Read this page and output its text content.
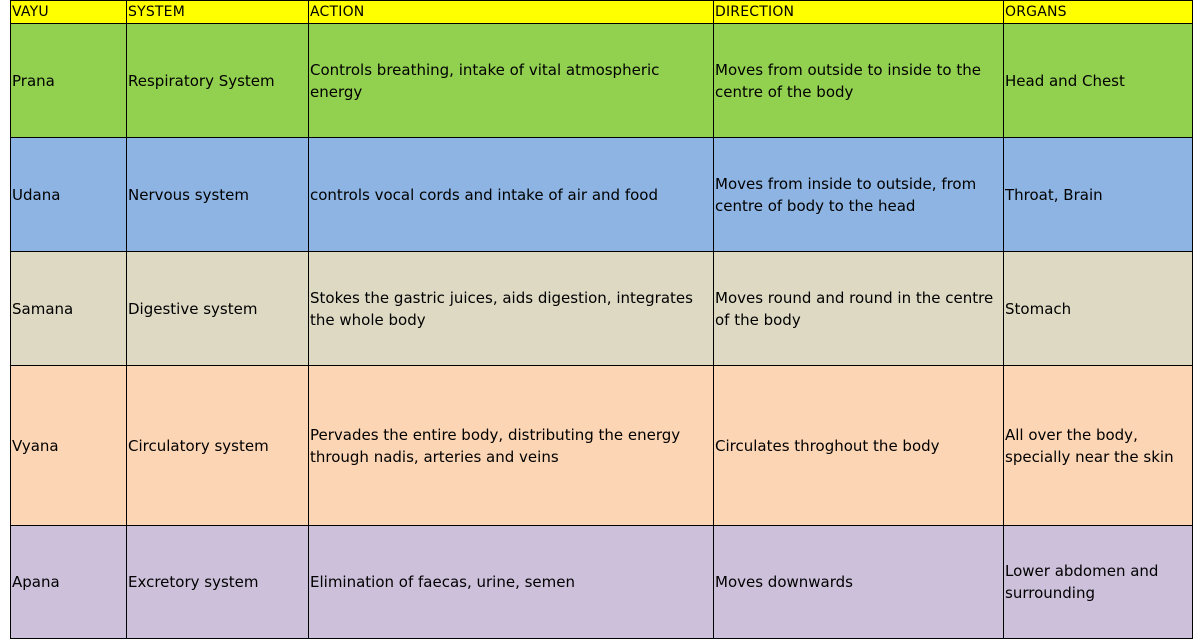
VAYU	SYSTEM	ACTION	DIRECTION	ORGANS
Prana	Respiratory System	Controls breathing, intake of vital atmospheric energy	Moves from outside to inside to the centre of the body	Head and Chest
Udana	Nervous system	controls vocal cords and intake of air and food	Moves from inside to outside, from centre of body to the head	Throat, Brain
Samana	Digestive system	Stokes the gastric juices, aids digestion, integrates the whole body	Moves round and round in the centre of the body	Stomach
Vyana	Circulatory system	Pervades the entire body, distributing the energy through nadis, arteries and veins	Circulates throghout the body	All over the body, specially near the skin
Apana	Excretory system	Elimination of faecas, urine, semen	Moves downwards	Lower abdomen and surrounding
